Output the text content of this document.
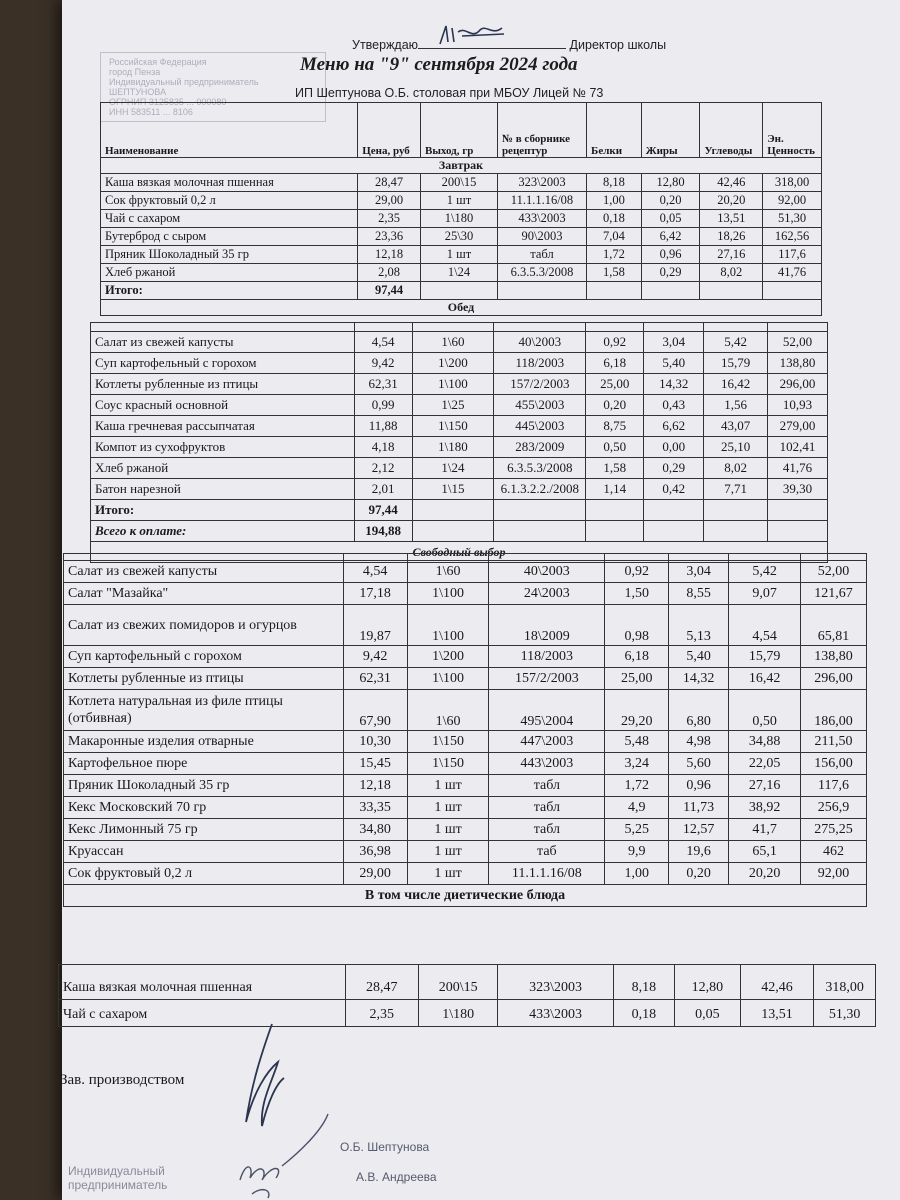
Российская Федерация
город Пенза
Индивидуальный предприниматель
ШЕПТУНОВА
ОГРНИП 3125835 ... 000080
ИНН 583511 ... 8106
Утверждаю	Директор школы
Меню на "9" сентября 2024 года
ИП Шептунова О.Б. столовая при МБОУ Лицей № 73
Наименование	Цена, руб	Выход, гр	№ в сборнике рецептур	Белки	Жиры	Углеводы	Эн. Ценность
Завтрак							
Каша вязкая молочная пшенная	28,47	200\15	323\2003	8,18	12,80	42,46	318,00
Сок фруктовый 0,2 л	29,00	1 шт	11.1.1.16/08	1,00	0,20	20,20	92,00
Чай с сахаром	2,35	1\180	433\2003	0,18	0,05	13,51	51,30
Бутерброд с сыром	23,36	25\30	90\2003	7,04	6,42	18,26	162,56
Пряник Шоколадный 35 гр	12,18	1 шт	табл	1,72	0,96	27,16	117,6
Хлеб ржаной	2,08	1\24	6.3.5.3/2008	1,58	0,29	8,02	41,76
Итого:	97,44						
Обед							

Салат из свежей капусты	4,54	1\60	40\2003	0,92	3,04	5,42	52,00
Суп картофельный с горохом	9,42	1\200	118/2003	6,18	5,40	15,79	138,80
Котлеты рубленные из птицы	62,31	1\100	157/2/2003	25,00	14,32	16,42	296,00
Соус красный основной	0,99	1\25	455\2003	0,20	0,43	1,56	10,93
Каша гречневая рассыпчатая	11,88	1\150	445\2003	8,75	6,62	43,07	279,00
Компот из сухофруктов	4,18	1\180	283/2009	0,50	0,00	25,10	102,41
Хлеб ржаной	2,12	1\24	6.3.5.3/2008	1,58	0,29	8,02	41,76
Батон нарезной	2,01	1\15	6.1.3.2.2./2008	1,14	0,42	7,71	39,30
Итого:	97,44						
Всего к оплате:	194,88						
Свободный выбор							

Салат из свежей капусты	4,54	1\60	40\2003	0,92	3,04	5,42	52,00
Салат "Мазайка"	17,18	1\100	24\2003	1,50	8,55	9,07	121,67
Салат из свежих помидоров и огурцов	19,87	1\100	18\2009	0,98	5,13	4,54	65,81
Суп картофельный с горохом	9,42	1\200	118/2003	6,18	5,40	15,79	138,80
Котлеты рубленные из птицы	62,31	1\100	157/2/2003	25,00	14,32	16,42	296,00
Котлета натуральная из филе птицы (отбивная)	67,90	1\60	495\2004	29,20	6,80	0,50	186,00
Макаронные изделия отварные	10,30	1\150	447\2003	5,48	4,98	34,88	211,50
Картофельное пюре	15,45	1\150	443\2003	3,24	5,60	22,05	156,00
Пряник Шоколадный 35 гр	12,18	1 шт	табл	1,72	0,96	27,16	117,6
Кекс Московский 70 гр	33,35	1 шт	табл	4,9	11,73	38,92	256,9
Кекс Лимонный 75 гр	34,80	1 шт	табл	5,25	12,57	41,7	275,25
Круассан	36,98	1 шт	таб	9,9	19,6	65,1	462
Сок фруктовый 0,2 л	29,00	1 шт	11.1.1.16/08	1,00	0,20	20,20	92,00
В том числе диетические блюда							
Каша вязкая молочная пшенная	28,47	200\15	323\2003	8,18	12,80	42,46	318,00
Чай с сахаром	2,35	1\180	433\2003	0,18	0,05	13,51	51,30
Зав. производством
О.Б. Шептунова
А.В. Андреева
Индивидуальный
предприниматель
